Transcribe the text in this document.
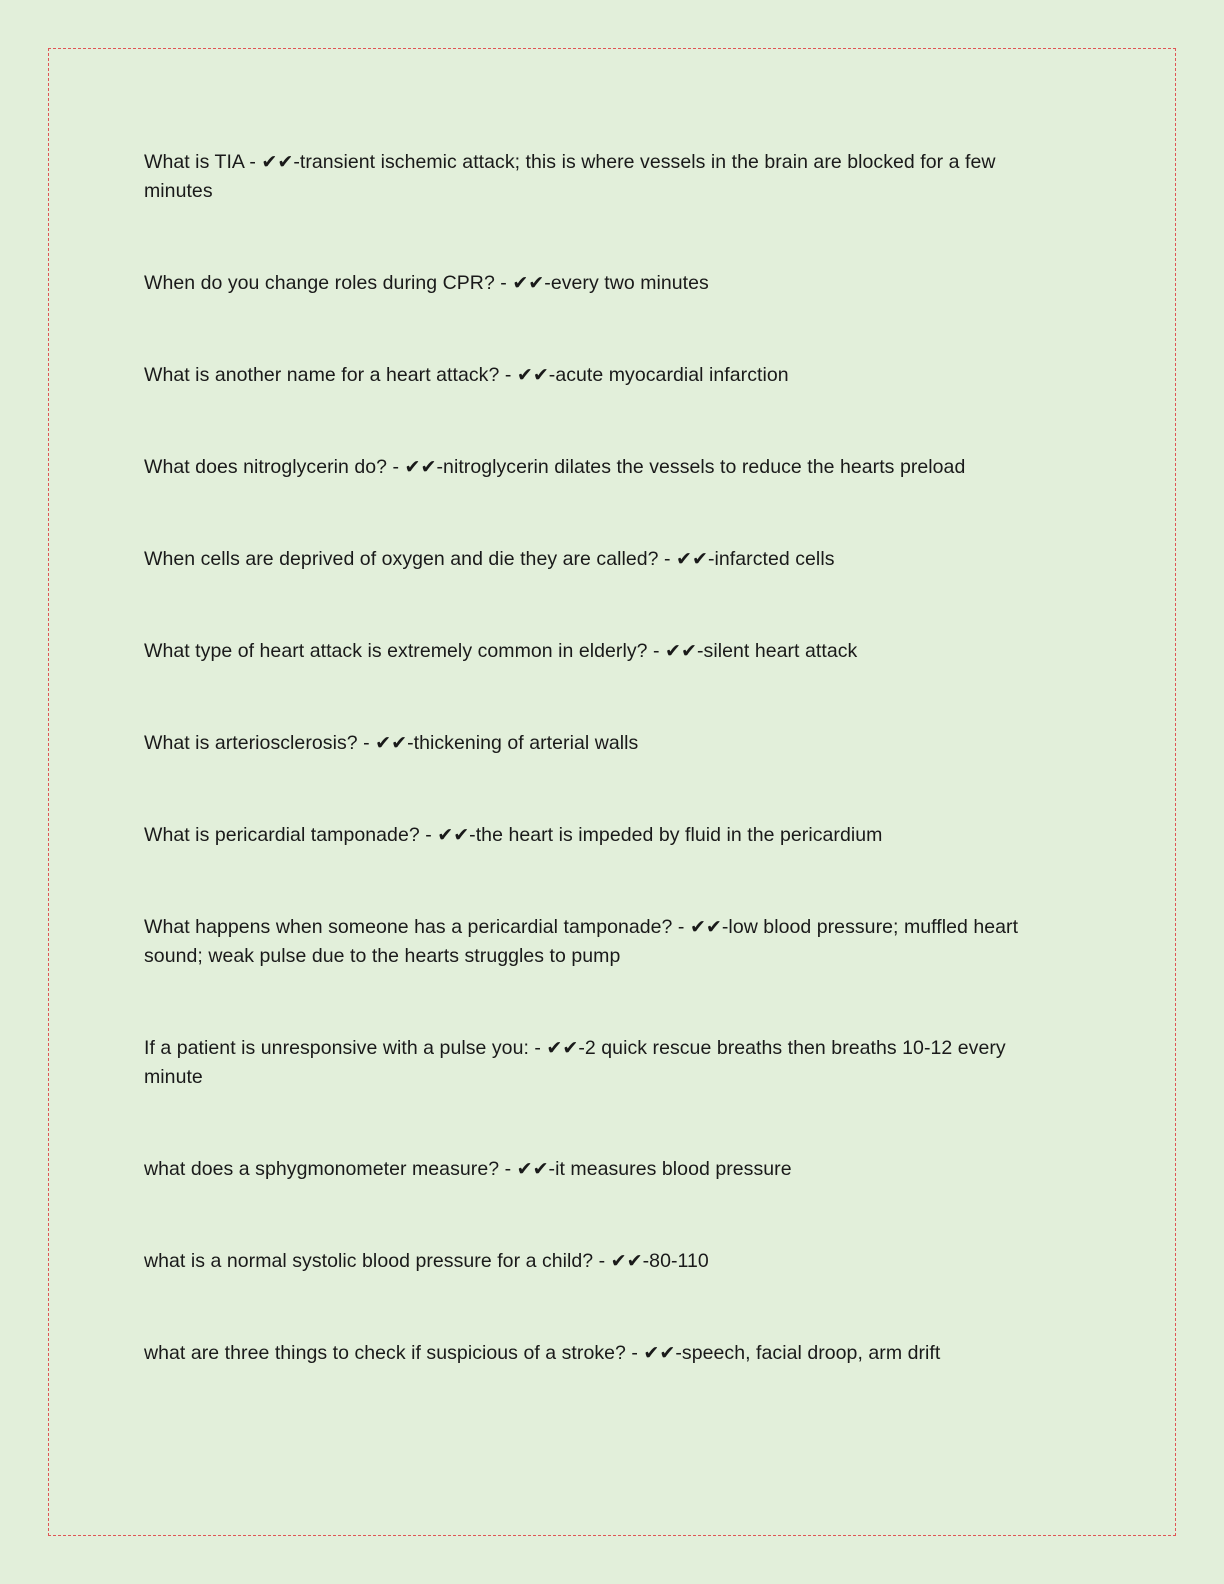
What is TIA - ✔✔-transient ischemic attack; this is where vessels in the brain are blocked for a few minutes
When do you change roles during CPR? - ✔✔-every two minutes
What is another name for a heart attack? - ✔✔-acute myocardial infarction
What does nitroglycerin do? - ✔✔-nitroglycerin dilates the vessels to reduce the hearts preload
When cells are deprived of oxygen and die they are called? - ✔✔-infarcted cells
What type of heart attack is extremely common in elderly? - ✔✔-silent heart attack
What is arteriosclerosis? - ✔✔-thickening of arterial walls
What is pericardial tamponade? - ✔✔-the heart is impeded by fluid in the pericardium
What happens when someone has a pericardial tamponade? - ✔✔-low blood pressure; muffled heart sound; weak pulse due to the hearts struggles to pump
If a patient is unresponsive with a pulse you: - ✔✔-2 quick rescue breaths then breaths 10-12 every minute
what does a sphygmonometer measure? - ✔✔-it measures blood pressure
what is a normal systolic blood pressure for a child? - ✔✔-80-110
what are three things to check if suspicious of a stroke? - ✔✔-speech, facial droop, arm drift
